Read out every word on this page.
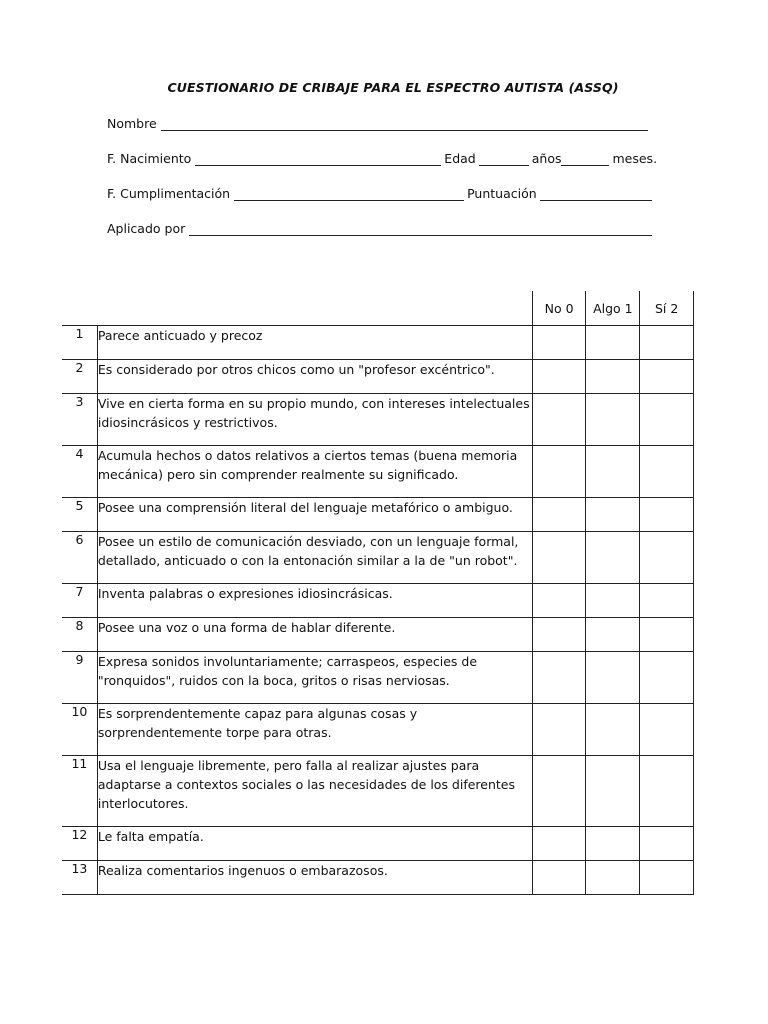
CUESTIONARIO DE CRIBAJE PARA EL ESPECTRO AUTISTA (ASSQ)
Nombre
F. Nacimiento	Edad	años	meses.
F. Cumplimentación	Puntuación
Aplicado por
		No 0	Algo 1	Sí 2
1	Parece anticuado y precoz			
2	Es considerado por otros chicos como un "profesor excéntrico".			
3	Vive en cierta forma en su propio mundo, con intereses intelectuales idiosincrásicos y restrictivos.			
4	Acumula hechos o datos relativos a ciertos temas (buena memoria mecánica) pero sin comprender realmente su significado.			
5	Posee una comprensión literal del lenguaje metafórico o ambiguo.			
6	Posee un estilo de comunicación desviado, con un lenguaje formal, detallado, anticuado o con la entonación similar a la de "un robot".			
7	Inventa palabras o expresiones idiosincrásicas.			
8	Posee una voz o una forma de hablar diferente.			
9	Expresa sonidos involuntariamente; carraspeos, especies de "ronquidos", ruidos con la boca, gritos o risas nerviosas.			
10	Es sorprendentemente capaz para algunas cosas y sorprendentemente torpe para otras.			
11	Usa el lenguaje libremente, pero falla al realizar ajustes para adaptarse a contextos sociales o las necesidades de los diferentes interlocutores.			
12	Le falta empatía.			
13	Realiza comentarios ingenuos o embarazosos.			
